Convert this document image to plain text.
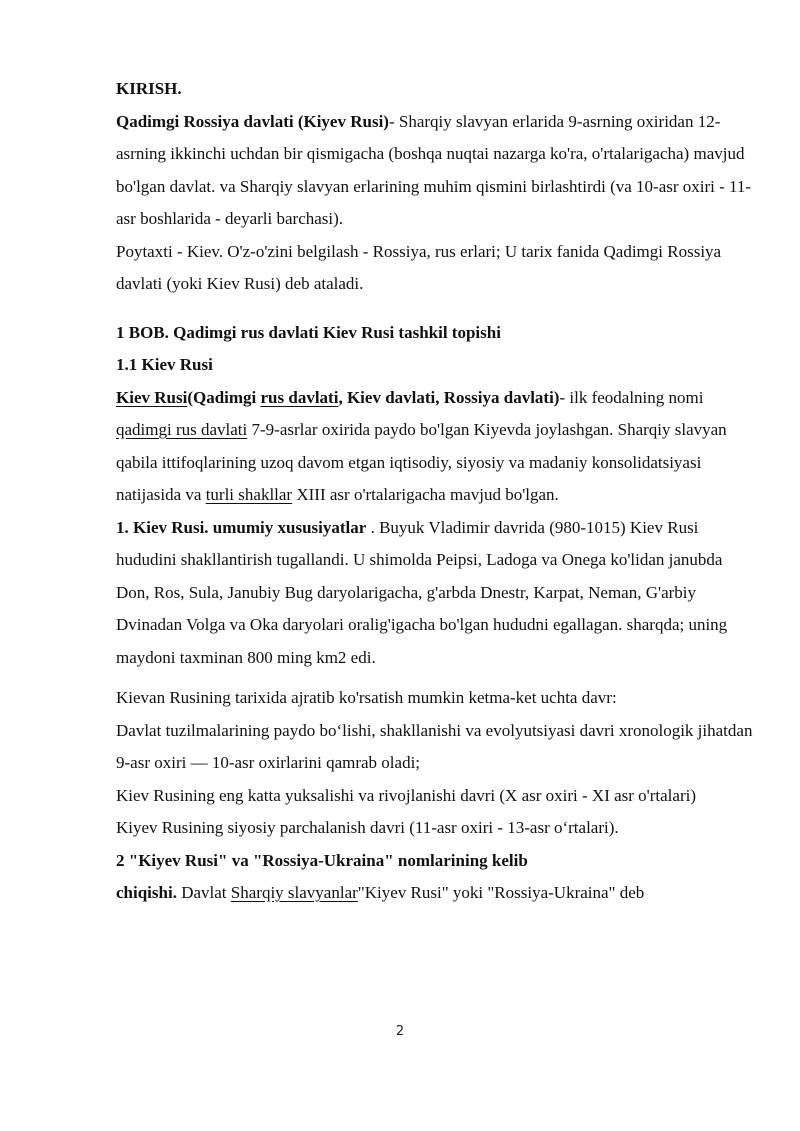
KIRISH.

Qadimgi Rossiya davlati (Kiyev Rusi)- Sharqiy slavyan erlarida 9-asrning oxiridan 12-asrning ikkinchi uchdan bir qismigacha (boshqa nuqtai nazarga ko'ra, o'rtalarigacha) mavjud bo'lgan davlat. va Sharqiy slavyan erlarining muhim qismini birlashtirdi (va 10-asr oxiri - 11-asr boshlarida - deyarli barchasi).

Poytaxti - Kiev. O'z-o'zini belgilash - Rossiya, rus erlari; U tarix fanida Qadimgi Rossiya davlati (yoki Kiev Rusi) deb ataladi.

1 BOB. Qadimgi rus davlati Kiev Rusi tashkil topishi

1.1 Kiev Rusi

Kiev Rusi(Qadimgi rus davlati, Kiev davlati, Rossiya davlati)- ilk feodalning nomi qadimgi rus davlati 7-9-asrlar oxirida paydo bo'lgan Kiyevda joylashgan. Sharqiy slavyan qabila ittifoqlarining uzoq davom etgan iqtisodiy, siyosiy va madaniy konsolidatsiyasi natijasida va turli shakllar XIII asr o'rtalarigacha mavjud bo'lgan.

1. Kiev Rusi. umumiy xususiyatlar . Buyuk Vladimir davrida (980-1015) Kiev Rusi hududini shakllantirish tugallandi. U shimolda Peipsi, Ladoga va Onega ko'lidan janubda Don, Ros, Sula, Janubiy Bug daryolarigacha, g'arbda Dnestr, Karpat, Neman, G'arbiy Dvinadan Volga va Oka daryolari oralig'igacha bo'lgan hududni egallagan. sharqda; uning maydoni taxminan 800 ming km2 edi.

Kievan Rusining tarixida ajratib ko'rsatish mumkin ketma-ket uchta davr:

Davlat tuzilmalarining paydo bo‘lishi, shakllanishi va evolyutsiyasi davri xronologik jihatdan 9-asr oxiri — 10-asr oxirlarini qamrab oladi;

Kiev Rusining eng katta yuksalishi va rivojlanishi davri (X asr oxiri - XI asr o'rtalari)

Kiyev Rusining siyosiy parchalanish davri (11-asr oxiri - 13-asr o‘rtalari).

2 "Kiyev Rusi" va "Rossiya-Ukraina" nomlarining kelib

chiqishi. Davlat Sharqiy slavyanlar"Kiyev Rusi" yoki "Rossiya-Ukraina" deb

2
